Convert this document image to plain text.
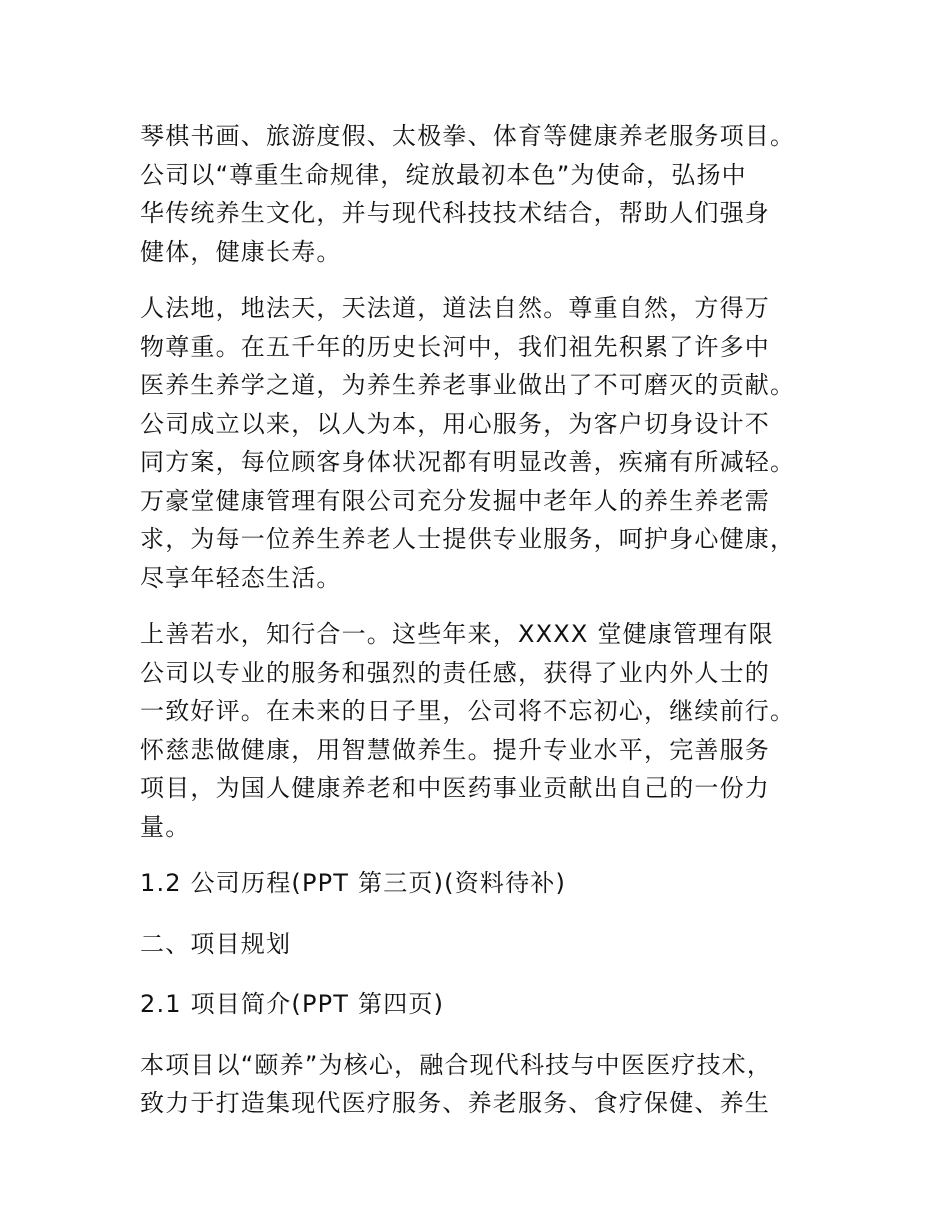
琴棋书画、旅游度假、太极拳、体育等健康养老服务项目。
公司以“尊重生命规律，绽放最初本色”为使命，弘扬中
华传统养生文化，并与现代科技技术结合，帮助人们强身
健体，健康长寿。
人法地，地法天，天法道，道法自然。尊重自然，方得万
物尊重。在五千年的历史长河中，我们祖先积累了许多中
医养生养学之道，为养生养老事业做出了不可磨灭的贡献。
公司成立以来，以人为本，用心服务，为客户切身设计不
同方案，每位顾客身体状况都有明显改善，疾痛有所减轻。
万豪堂健康管理有限公司充分发掘中老年人的养生养老需
求，为每一位养生养老人士提供专业服务，呵护身心健康，
尽享年轻态生活。
上善若水，知行合一。这些年来，XXXX 堂健康管理有限
公司以专业的服务和强烈的责任感，获得了业内外人士的
一致好评。在未来的日子里，公司将不忘初心，继续前行。
怀慈悲做健康，用智慧做养生。提升专业水平，完善服务
项目，为国人健康养老和中医药事业贡献出自己的一份力
量。
1.2 公司历程(PPT 第三页)(资料待补)
二、项目规划
2.1 项目简介(PPT 第四页)
本项目以“颐养”为核心，融合现代科技与中医医疗技术，
致力于打造集现代医疗服务、养老服务、食疗保健、养生
